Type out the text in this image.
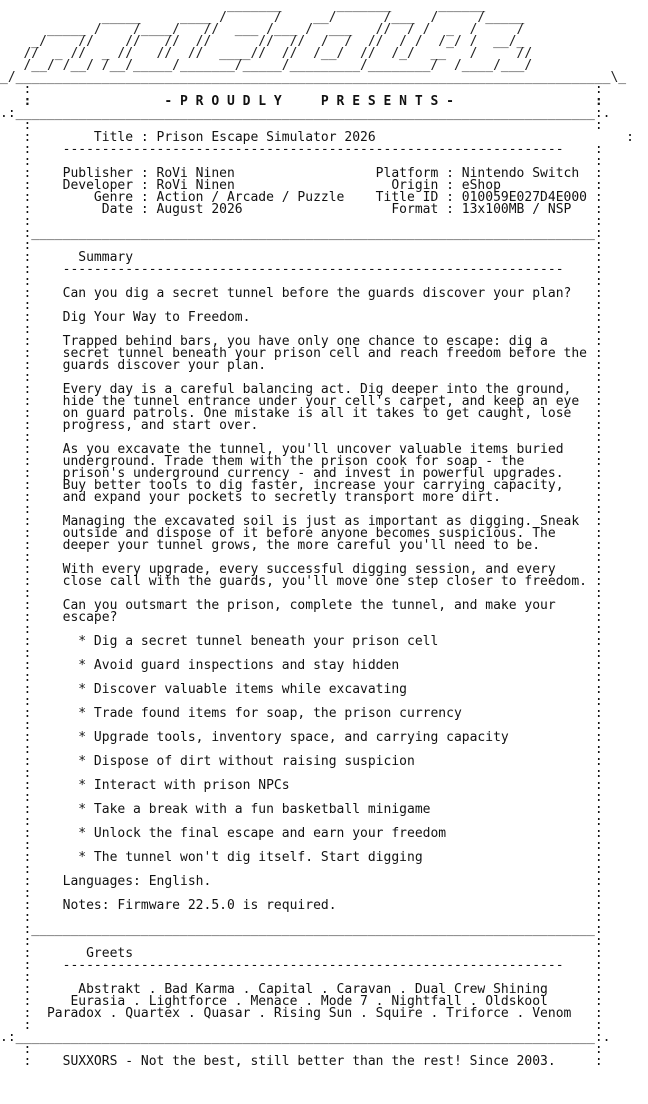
_______       _______      ______
_____     ____ /      /    __/      /___  /     /_____
_____ /    /____/   //  ___ /___ /  ___   //  / /  _  /     /
_/    //    //   //  //      //  //  /  /  //  / /  /_/ /  __/_
//  _ //  _ //   //  //  ____//  //  /__/  //  /_/  __   /     //
/__/ /__/ /__/_____/_______/_____/_________/________/  /____/___/
_/____________________________________________________________________________\_
:                                                                        :
:                 - P R O U D L Y     P R E S E N T S -                  :
.:__________________________________________________________________________:.
:                                                                        :
:        Title : Prison Escape Simulator 2026                                :
:    ----------------------------------------------------------------    :
:                                                                        :
:    Publisher : RoVi Ninen                  Platform : Nintendo Switch  :
:    Developer : RoVi Ninen                    Origin : eShop            :
:        Genre : Action / Arcade / Puzzle    Title ID : 010059E027D4E000 :
:         Date : August 2026                   Format : 13x100MB / NSP   :
:                                                                        :
:________________________________________________________________________:
:                                                                        :
:      Summary                                                           :
:    ----------------------------------------------------------------    :
:                                                                        :
:    Can you dig a secret tunnel before the guards discover your plan?   :
:                                                                        :
:    Dig Your Way to Freedom.                                            :
:                                                                        :
:    Trapped behind bars, you have only one chance to escape: dig a      :
:    secret tunnel beneath your prison cell and reach freedom before the :
:    guards discover your plan.                                          :
:                                                                        :
:    Every day is a careful balancing act. Dig deeper into the ground,   :
:    hide the tunnel entrance under your cell's carpet, and keep an eye  :
:    on guard patrols. One mistake is all it takes to get caught, lose   :
:    progress, and start over.                                           :
:                                                                        :
:    As you excavate the tunnel, you'll uncover valuable items buried    :
:    underground. Trade them with the prison cook for soap - the         :
:    prison's underground currency - and invest in powerful upgrades.    :
:    Buy better tools to dig faster, increase your carrying capacity,    :
:    and expand your pockets to secretly transport more dirt.            :
:                                                                        :
:    Managing the excavated soil is just as important as digging. Sneak  :
:    outside and dispose of it before anyone becomes suspicious. The     :
:    deeper your tunnel grows, the more careful you'll need to be.       :
:                                                                        :
:    With every upgrade, every successful digging session, and every     :
:    close call with the guards, you'll move one step closer to freedom. :
:                                                                        :
:    Can you outsmart the prison, complete the tunnel, and make your     :
:    escape?                                                             :
:                                                                        :
:      * Dig a secret tunnel beneath your prison cell                    :
:                                                                        :
:      * Avoid guard inspections and stay hidden                         :
:                                                                        :
:      * Discover valuable items while excavating                        :
:                                                                        :
:      * Trade found items for soap, the prison currency                 :
:                                                                        :
:      * Upgrade tools, inventory space, and carrying capacity           :
:                                                                        :
:      * Dispose of dirt without raising suspicion                       :
:                                                                        :
:      * Interact with prison NPCs                                       :
:                                                                        :
:      * Take a break with a fun basketball minigame                     :
:                                                                        :
:      * Unlock the final escape and earn your freedom                   :
:                                                                        :
:      * The tunnel won't dig itself. Start digging                      :
:                                                                        :
:    Languages: English.                                                 :
:                                                                        :
:    Notes: Firmware 22.5.0 is required.                                 :
:                                                                        :
:________________________________________________________________________:
:                                                                        :
:       Greets                                                           :
:    ----------------------------------------------------------------    :
:                                                                        :
:      Abstrakt . Bad Karma . Capital . Caravan . Dual Crew Shining      :
:     Eurasia . Lightforce . Menace . Mode 7 . Nightfall . Oldskool      :
:  Paradox . Quartex . Quasar . Rising Sun . Squire . Triforce . Venom   :
:                                                                        :
.:__________________________________________________________________________:.
:                                                                        :
:    SUXXORS - Not the best, still better than the rest! Since 2003.     :
